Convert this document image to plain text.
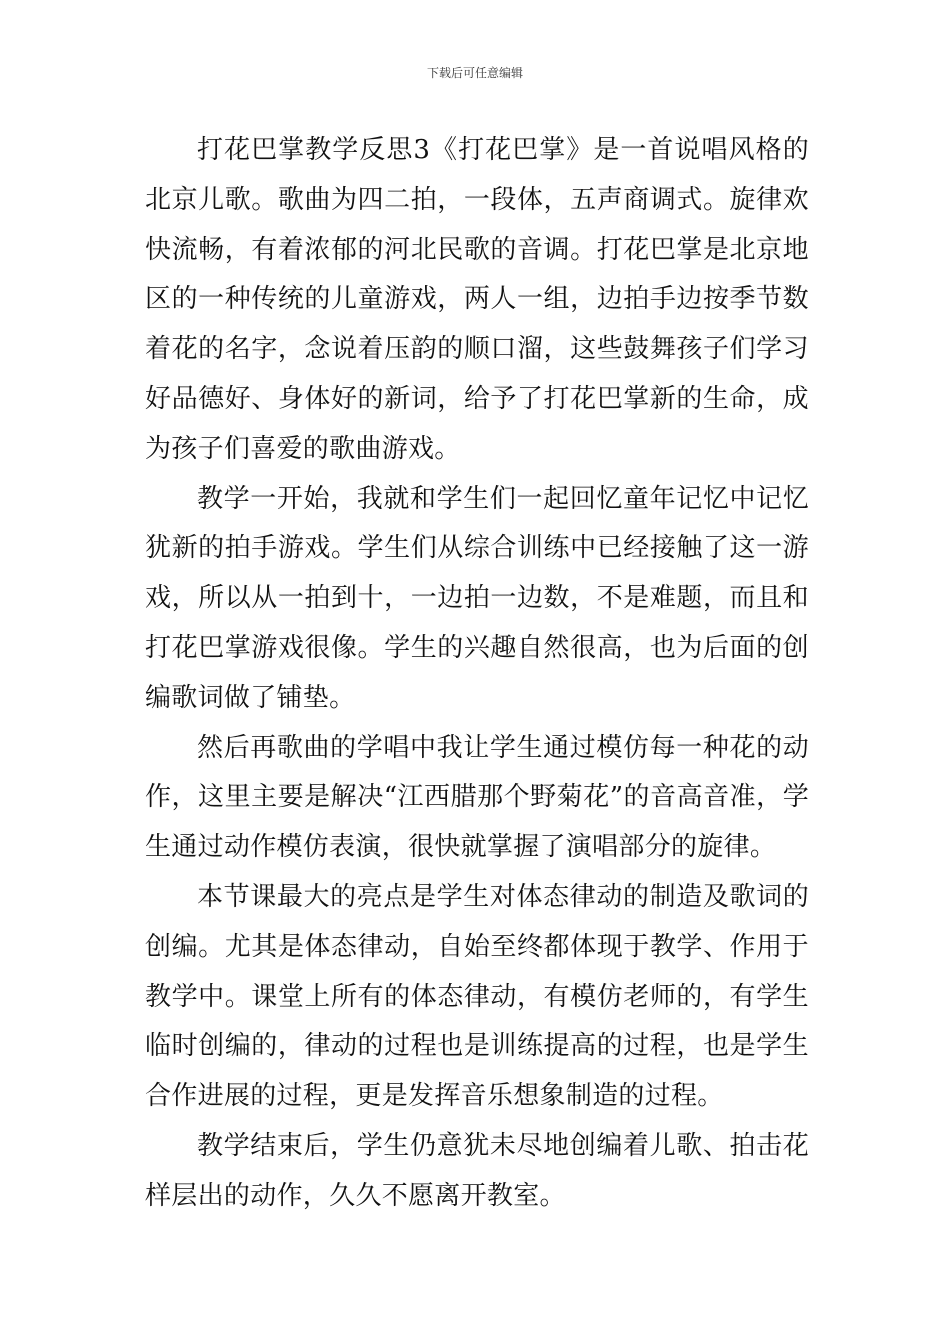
下载后可任意编辑

打花巴掌教学反思3《打花巴掌》是一首说唱风格的北京儿歌。歌曲为四二拍，一段体，五声商调式。旋律欢快流畅，有着浓郁的河北民歌的音调。打花巴掌是北京地区的一种传统的儿童游戏，两人一组，边拍手边按季节数着花的名字，念说着压韵的顺口溜，这些鼓舞孩子们学习好品德好、身体好的新词，给予了打花巴掌新的生命，成为孩子们喜爱的歌曲游戏。

教学一开始，我就和学生们一起回忆童年记忆中记忆犹新的拍手游戏。学生们从综合训练中已经接触了这一游戏，所以从一拍到十，一边拍一边数，不是难题，而且和打花巴掌游戏很像。学生的兴趣自然很高，也为后面的创编歌词做了铺垫。

然后再歌曲的学唱中我让学生通过模仿每一种花的动作，这里主要是解决“江西腊那个野菊花”的音高音准，学生通过动作模仿表演，很快就掌握了演唱部分的旋律。

本节课最大的亮点是学生对体态律动的制造及歌词的创编。尤其是体态律动，自始至终都体现于教学、作用于教学中。课堂上所有的体态律动，有模仿老师的，有学生临时创编的，律动的过程也是训练提高的过程，也是学生合作进展的过程，更是发挥音乐想象制造的过程。

教学结束后，学生仍意犹未尽地创编着儿歌、拍击花样层出的动作，久久不愿离开教室。
